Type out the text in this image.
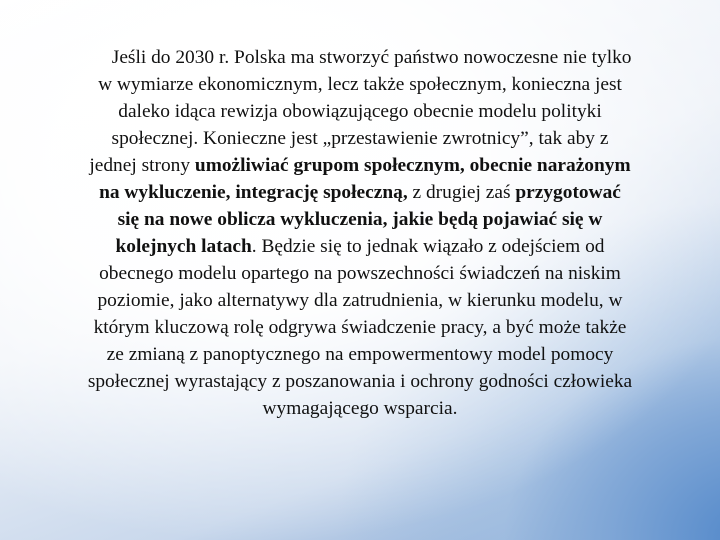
Jeśli do 2030 r. Polska ma stworzyć państwo nowoczesne nie tylko
w wymiarze ekonomicznym, lecz także społecznym, konieczna jest
daleko idąca rewizja obowiązującego obecnie modelu polityki
społecznej. Konieczne jest „przestawienie zwrotnicy”, tak aby z
jednej strony umożliwiać grupom społecznym, obecnie narażonym
na wykluczenie, integrację społeczną, z drugiej zaś przygotować
się na nowe oblicza wykluczenia, jakie będą pojawiać się w
kolejnych latach. Będzie się to jednak wiązało z odejściem od
obecnego modelu opartego na powszechności świadczeń na niskim
poziomie, jako alternatywy dla zatrudnienia, w kierunku modelu, w
którym kluczową rolę odgrywa świadczenie pracy, a być może także
ze zmianą z panoptycznego na empowermentowy model pomocy
społecznej wyrastający z poszanowania i ochrony godności człowieka
wymagającego wsparcia.
